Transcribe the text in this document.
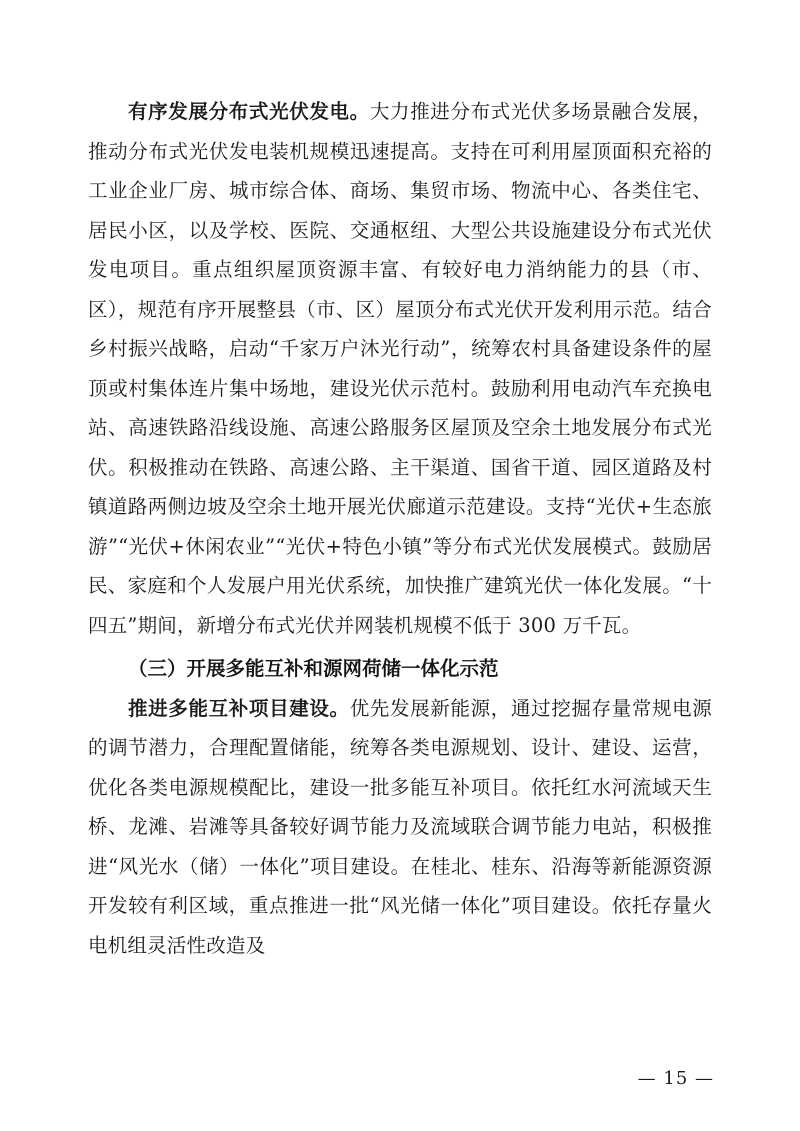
有序发展分布式光伏发电。大力推进分布式光伏多场景融合发展，推动分布式光伏发电装机规模迅速提高。支持在可利用屋顶面积充裕的工业企业厂房、城市综合体、商场、集贸市场、物流中心、各类住宅、居民小区，以及学校、医院、交通枢纽、大型公共设施建设分布式光伏发电项目。重点组织屋顶资源丰富、有较好电力消纳能力的县（市、区），规范有序开展整县（市、区）屋顶分布式光伏开发利用示范。结合乡村振兴战略，启动“千家万户沐光行动”，统筹农村具备建设条件的屋顶或村集体连片集中场地，建设光伏示范村。鼓励利用电动汽车充换电站、高速铁路沿线设施、高速公路服务区屋顶及空余土地发展分布式光伏。积极推动在铁路、高速公路、主干渠道、国省干道、园区道路及村镇道路两侧边坡及空余土地开展光伏廊道示范建设。支持“光伏+生态旅游”“光伏+休闲农业”“光伏+特色小镇”等分布式光伏发展模式。鼓励居民、家庭和个人发展户用光伏系统，加快推广建筑光伏一体化发展。“十四五”期间，新增分布式光伏并网装机规模不低于 300 万千瓦。

（三）开展多能互补和源网荷储一体化示范

推进多能互补项目建设。优先发展新能源，通过挖掘存量常规电源的调节潜力，合理配置储能，统筹各类电源规划、设计、建设、运营，优化各类电源规模配比，建设一批多能互补项目。依托红水河流域天生桥、龙滩、岩滩等具备较好调节能力及流域联合调节能力电站，积极推进“风光水（储）一体化”项目建设。在桂北、桂东、沿海等新能源资源开发较有利区域，重点推进一批“风光储一体化”项目建设。依托存量火电机组灵活性改造及

— 15 —
